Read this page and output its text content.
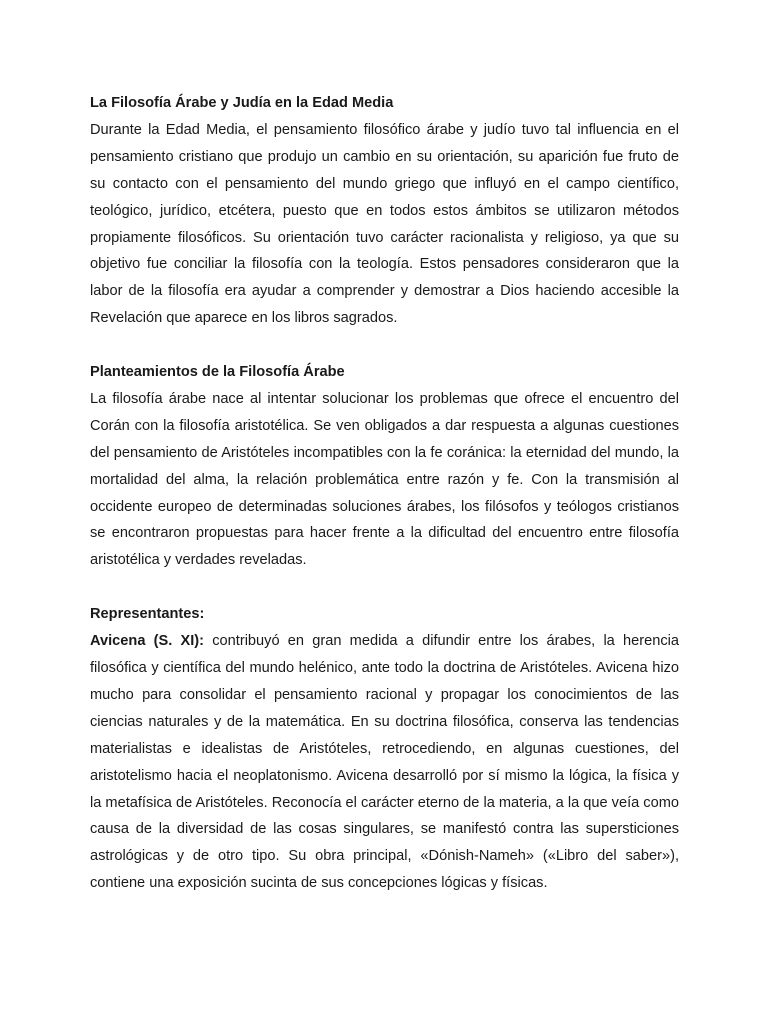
La Filosofía Árabe y Judía en la Edad Media

Durante la Edad Media, el pensamiento filosófico árabe y judío tuvo tal influencia en el pensamiento cristiano que produjo un cambio en su orientación, su aparición fue fruto de su contacto con el pensamiento del mundo griego que influyó en el campo científico, teológico, jurídico, etcétera, puesto que en todos estos ámbitos se utilizaron métodos propiamente filosóficos. Su orientación tuvo carácter racionalista y religioso, ya que su objetivo fue conciliar la filosofía con la teología. Estos pensadores consideraron que la labor de la filosofía era ayudar a comprender y demostrar a Dios haciendo accesible la Revelación que aparece en los libros sagrados.

Planteamientos de la Filosofía Árabe

La filosofía árabe nace al intentar solucionar los problemas que ofrece el encuentro del Corán con la filosofía aristotélica. Se ven obligados a dar respuesta a algunas cuestiones del pensamiento de Aristóteles incompatibles con la fe coránica: la eternidad del mundo, la mortalidad del alma, la relación problemática entre razón y fe. Con la transmisión al occidente europeo de determinadas soluciones árabes, los filósofos y teólogos cristianos se encontraron propuestas para hacer frente a la dificultad del encuentro entre filosofía aristotélica y verdades reveladas.

Representantes:

Avicena (S. XI): contribuyó en gran medida a difundir entre los árabes, la herencia filosófica y científica del mundo helénico, ante todo la doctrina de Aristóteles. Avicena hizo mucho para consolidar el pensamiento racional y propagar los conocimientos de las ciencias naturales y de la matemática. En su doctrina filosófica, conserva las tendencias materialistas e idealistas de Aristóteles, retrocediendo, en algunas cuestiones, del aristotelismo hacia el neoplatonismo. Avicena desarrolló por sí mismo la lógica, la física y la metafísica de Aristóteles. Reconocía el carácter eterno de la materia, a la que veía como causa de la diversidad de las cosas singulares, se manifestó contra las supersticiones astrológicas y de otro tipo. Su obra principal, «Dónish-Nameh» («Libro del saber»), contiene una exposición sucinta de sus concepciones lógicas y físicas.
